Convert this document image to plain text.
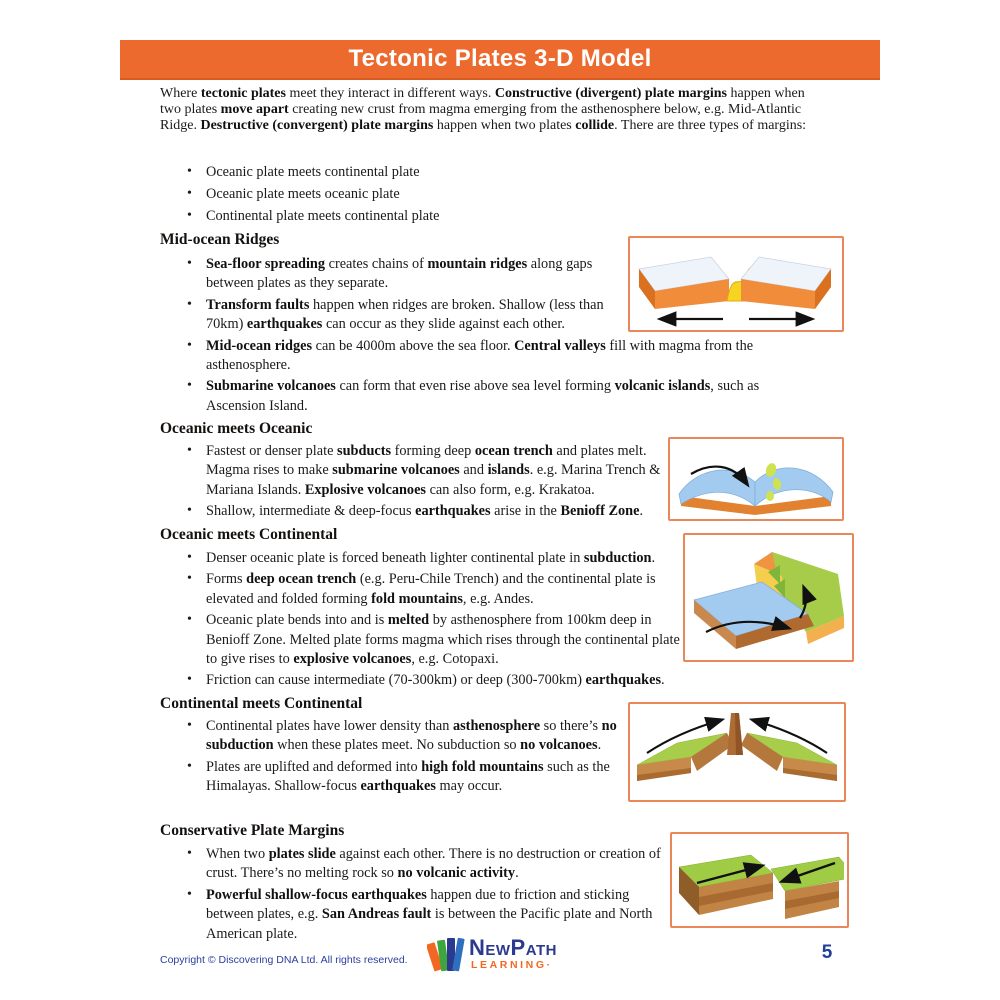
Tectonic Plates 3-D Model

Where tectonic plates meet they interact in different ways. Constructive (divergent) plate margins happen when two plates move apart creating new crust from magma emerging from the asthenosphere below, e.g. Mid-Atlantic Ridge. Destructive (convergent) plate margins happen when two plates collide. There are three types of margins:

• Oceanic plate meets continental plate
• Oceanic plate meets oceanic plate
• Continental plate meets continental plate
Mid-ocean Ridges
• Sea-floor spreading creates chains of mountain ridges along gaps between plates as they separate.
• Transform faults happen when ridges are broken. Shallow (less than 70km) earthquakes can occur as they slide against each other.
• Mid-ocean ridges can be 4000m above the sea floor. Central valleys fill with magma from the asthenosphere.
• Submarine volcanoes can form that even rise above sea level forming volcanic islands, such as Ascension Island.
Oceanic meets Oceanic
• Fastest or denser plate subducts forming deep ocean trench and plates melt. Magma rises to make submarine volcanoes and islands. e.g. Marina Trench & Mariana Islands. Explosive volcanoes can also form, e.g. Krakatoa.
• Shallow, intermediate & deep-focus earthquakes arise in the Benioff Zone.
Oceanic meets Continental
• Denser oceanic plate is forced beneath lighter continental plate in subduction.
• Forms deep ocean trench (e.g. Peru-Chile Trench) and the continental plate is elevated and folded forming fold mountains, e.g. Andes.
• Oceanic plate bends into and is melted by asthenosphere from 100km deep in Benioff Zone. Melted plate forms magma which rises through the continental plate to give rises to explosive volcanoes, e.g. Cotopaxi.
• Friction can cause intermediate (70-300km) or deep (300-700km) earthquakes.
Continental meets Continental
• Continental plates have lower density than asthenosphere so there’s no subduction when these plates meet. No subduction so no volcanoes.
• Plates are uplifted and deformed into high fold mountains such as the Himalayas. Shallow-focus earthquakes may occur.
Conservative Plate Margins
• When two plates slide against each other. There is no destruction or creation of crust. There’s no melting rock so no volcanic activity.
• Powerful shallow-focus earthquakes happen due to friction and sticking between plates, e.g. San Andreas fault is between the Pacific plate and North American plate.
Copyright © Discovering DNA Ltd. All rights reserved.	NewPath
LEARNING·
5
